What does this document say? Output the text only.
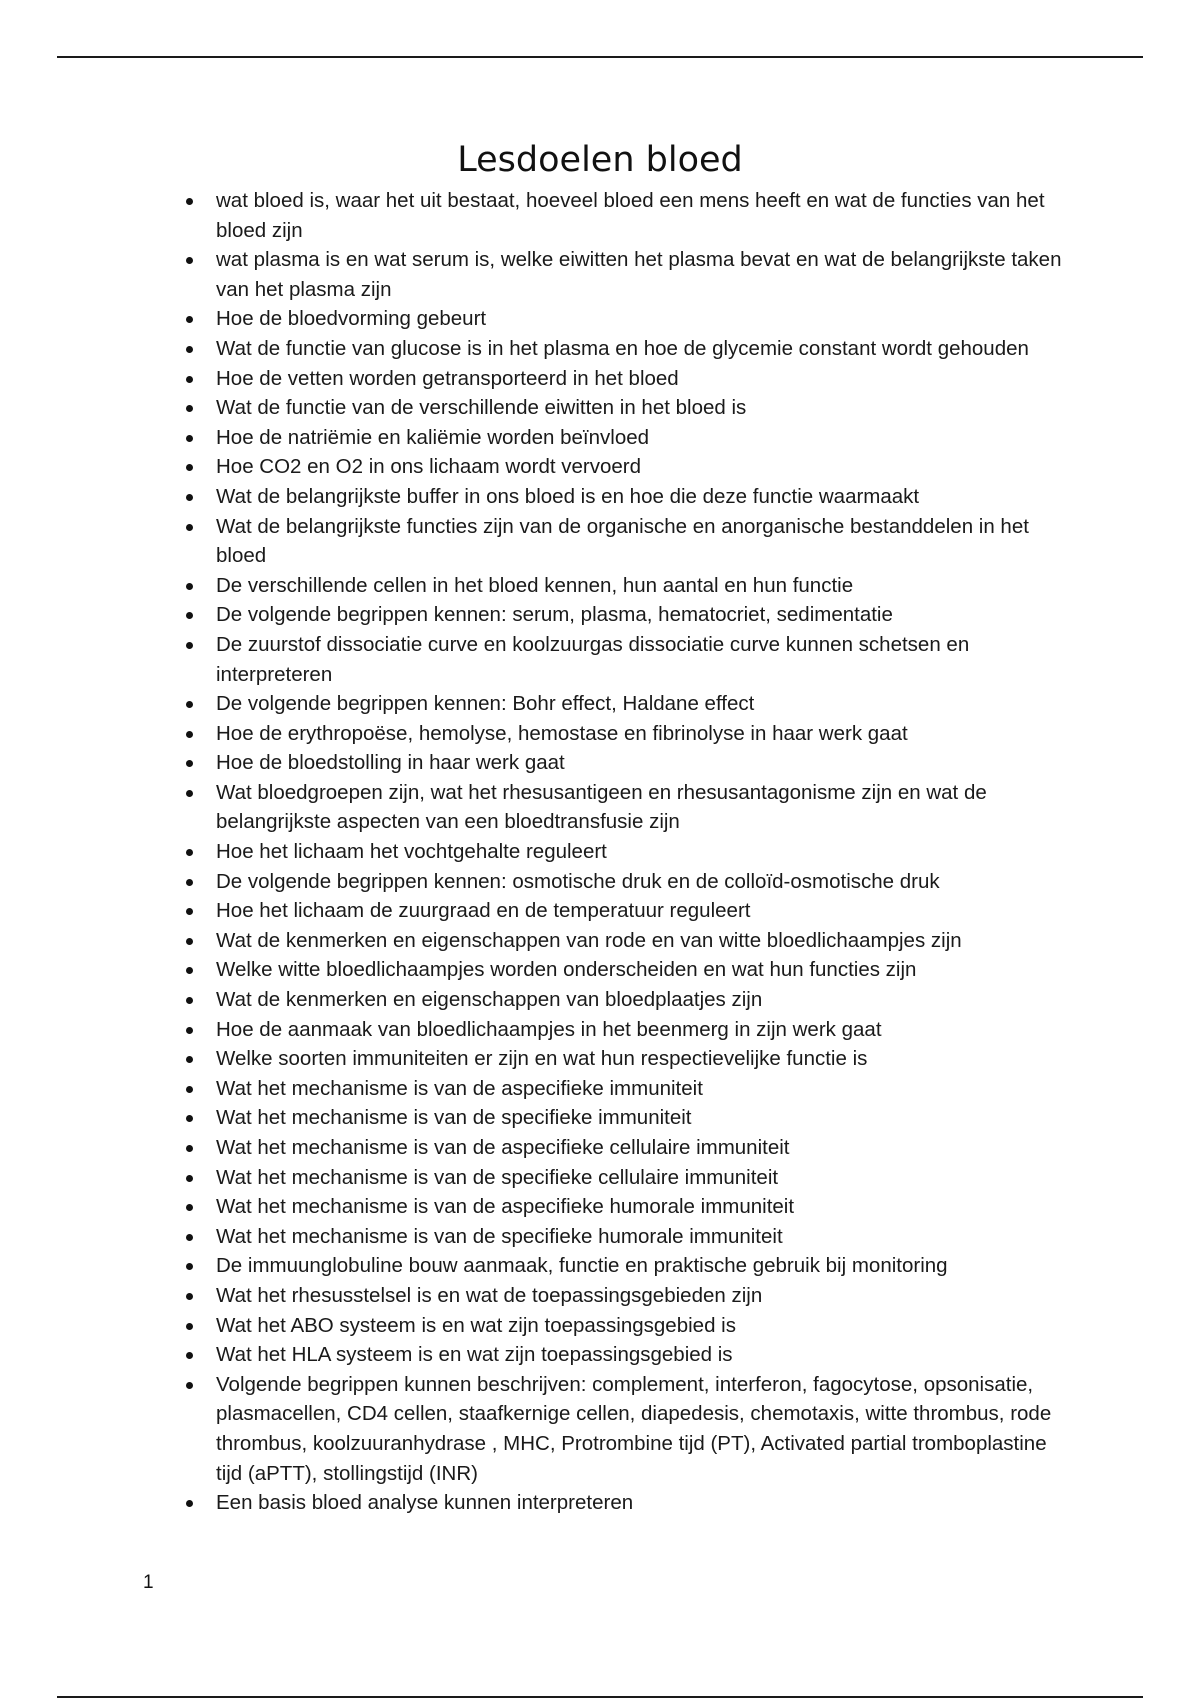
Lesdoelen bloed
wat bloed is, waar het uit bestaat, hoeveel bloed een mens heeft en wat de functies van het bloed zijn
wat plasma is en wat serum is, welke eiwitten het plasma bevat en wat de belangrijkste taken van het plasma zijn
Hoe de bloedvorming gebeurt
Wat de functie van glucose is in het plasma en hoe de glycemie constant wordt gehouden
Hoe de vetten worden getransporteerd in het bloed
Wat de functie van de verschillende eiwitten in het bloed is
Hoe de natriëmie en kaliëmie worden beïnvloed
Hoe CO2 en O2 in ons lichaam wordt vervoerd
Wat de belangrijkste buffer in ons bloed is en hoe die deze functie waarmaakt
Wat de belangrijkste functies zijn van de organische en anorganische bestanddelen in het bloed
De verschillende cellen in het bloed kennen, hun aantal en hun functie
De volgende begrippen kennen: serum, plasma, hematocriet, sedimentatie
De zuurstof dissociatie curve en koolzuurgas dissociatie curve kunnen schetsen en interpreteren
De volgende begrippen kennen: Bohr effect, Haldane effect
Hoe de erythropoëse, hemolyse, hemostase en fibrinolyse in haar werk gaat
Hoe de bloedstolling in haar werk gaat
Wat bloedgroepen zijn, wat het rhesusantigeen en rhesusantagonisme zijn en wat de belangrijkste aspecten van een bloedtransfusie zijn
Hoe het lichaam het vochtgehalte reguleert
De volgende begrippen kennen: osmotische druk en de colloïd-osmotische druk
Hoe het lichaam de zuurgraad en de temperatuur reguleert
Wat de kenmerken en eigenschappen van rode en van witte bloedlichaampjes zijn
Welke witte bloedlichaampjes worden onderscheiden en wat hun functies zijn
Wat de kenmerken en eigenschappen van bloedplaatjes zijn
Hoe de aanmaak van bloedlichaampjes in het beenmerg in zijn werk gaat
Welke soorten immuniteiten er zijn en wat hun respectievelijke functie is
Wat het mechanisme is van de aspecifieke immuniteit
Wat het mechanisme is van de specifieke immuniteit
Wat het mechanisme is van de aspecifieke cellulaire immuniteit
Wat het mechanisme is van de specifieke cellulaire immuniteit
Wat het mechanisme is van de aspecifieke humorale immuniteit
Wat het mechanisme is van de specifieke humorale immuniteit
De immuunglobuline bouw aanmaak, functie en praktische gebruik bij monitoring
Wat het rhesusstelsel is en wat de toepassingsgebieden zijn
Wat het ABO systeem is en wat zijn toepassingsgebied is
Wat het HLA systeem is en wat zijn toepassingsgebied is
Volgende begrippen kunnen beschrijven: complement, interferon, fagocytose, opsonisatie, plasmacellen, CD4 cellen, staafkernige cellen, diapedesis, chemotaxis, witte thrombus, rode thrombus, koolzuuranhydrase , MHC, Protrombine tijd (PT), Activated partial tromboplastine tijd (aPTT), stollingstijd (INR)
Een basis bloed analyse kunnen interpreteren
1
